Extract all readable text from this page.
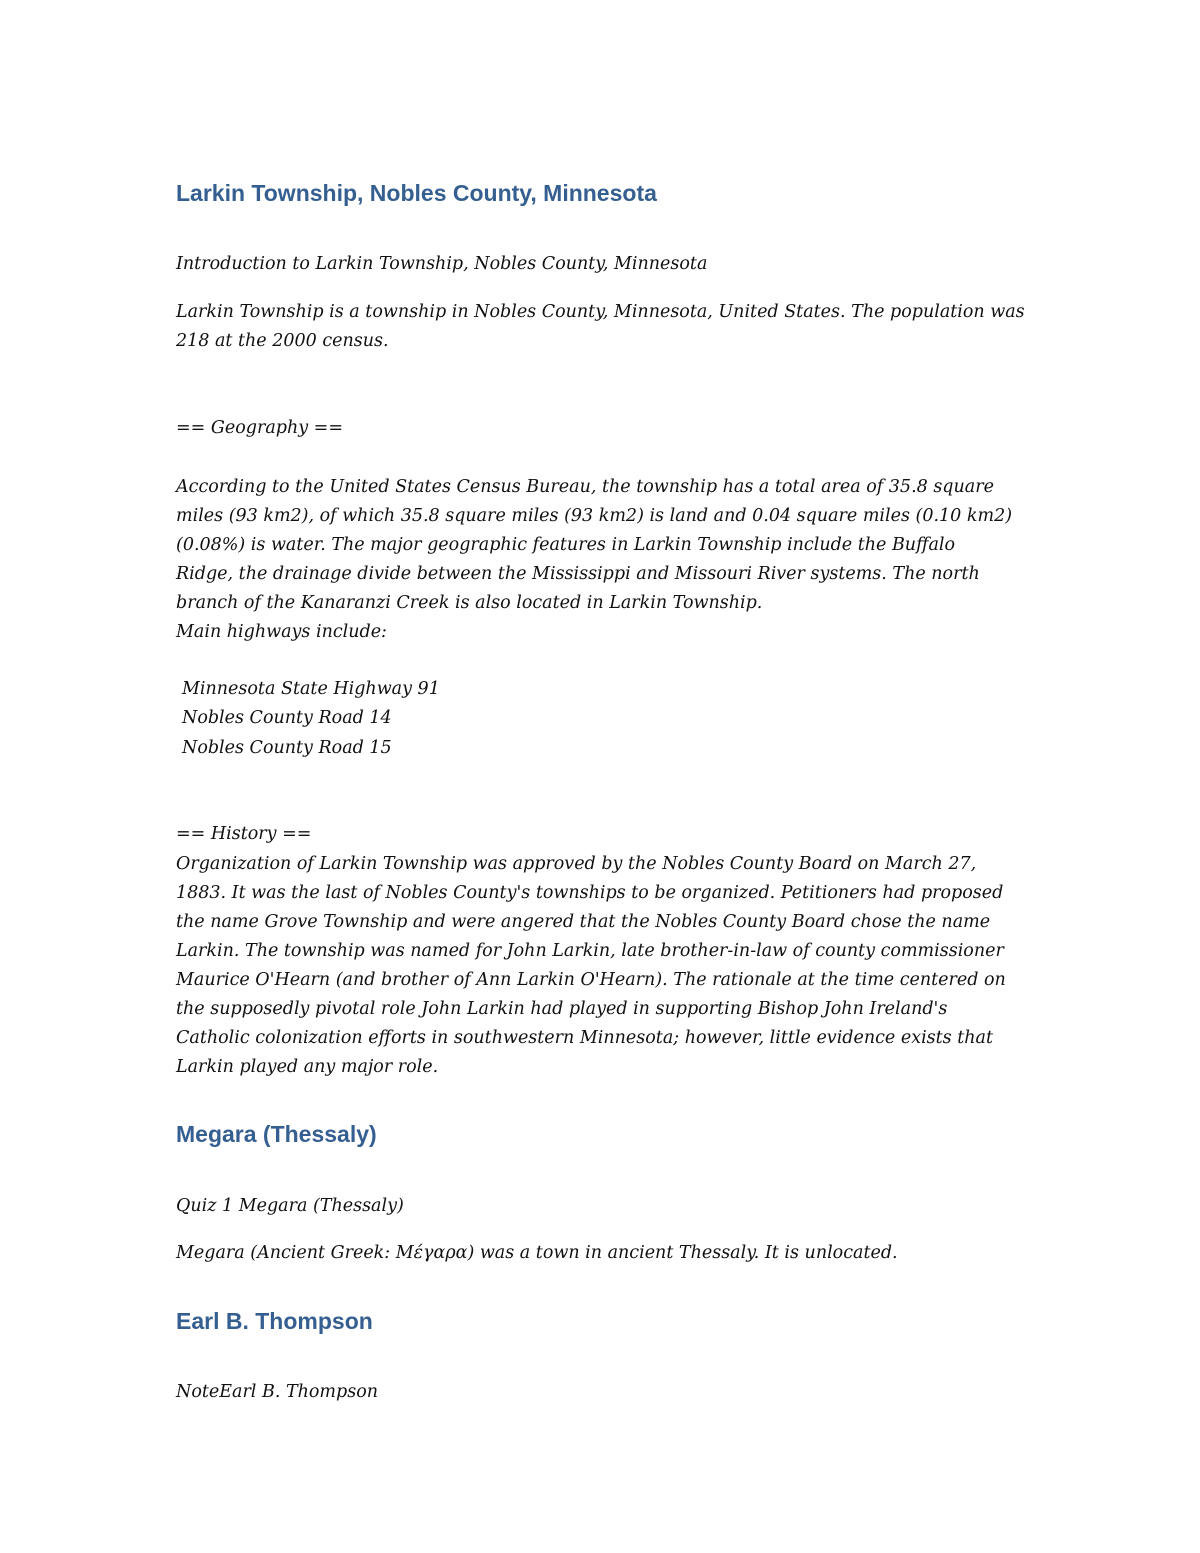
Larkin Township, Nobles County, Minnesota

Introduction to Larkin Township, Nobles County, Minnesota

Larkin Township is a township in Nobles County, Minnesota, United States. The population was
218 at the 2000 census.

== Geography ==

According to the United States Census Bureau, the township has a total area of 35.8 square
miles (93 km2), of which 35.8 square miles (93 km2) is land and 0.04 square miles (0.10 km2)
(0.08%) is water. The major geographic features in Larkin Township include the Buffalo
Ridge, the drainage divide between the Mississippi and Missouri River systems. The north
branch of the Kanaranzi Creek is also located in Larkin Township.
Main highways include:

Minnesota State Highway 91

Nobles County Road 14

Nobles County Road 15

== History ==

Organization of Larkin Township was approved by the Nobles County Board on March 27,
1883. It was the last of Nobles County's townships to be organized. Petitioners had proposed
the name Grove Township and were angered that the Nobles County Board chose the name
Larkin. The township was named for John Larkin, late brother-in-law of county commissioner
Maurice O'Hearn (and brother of Ann Larkin O'Hearn). The rationale at the time centered on
the supposedly pivotal role John Larkin had played in supporting Bishop John Ireland's
Catholic colonization efforts in southwestern Minnesota; however, little evidence exists that
Larkin played any major role.

Megara (Thessaly)

Quiz 1 Megara (Thessaly)

Megara (Ancient Greek: Μέγαρα) was a town in ancient Thessaly. It is unlocated.

Earl B. Thompson

NoteEarl B. Thompson
